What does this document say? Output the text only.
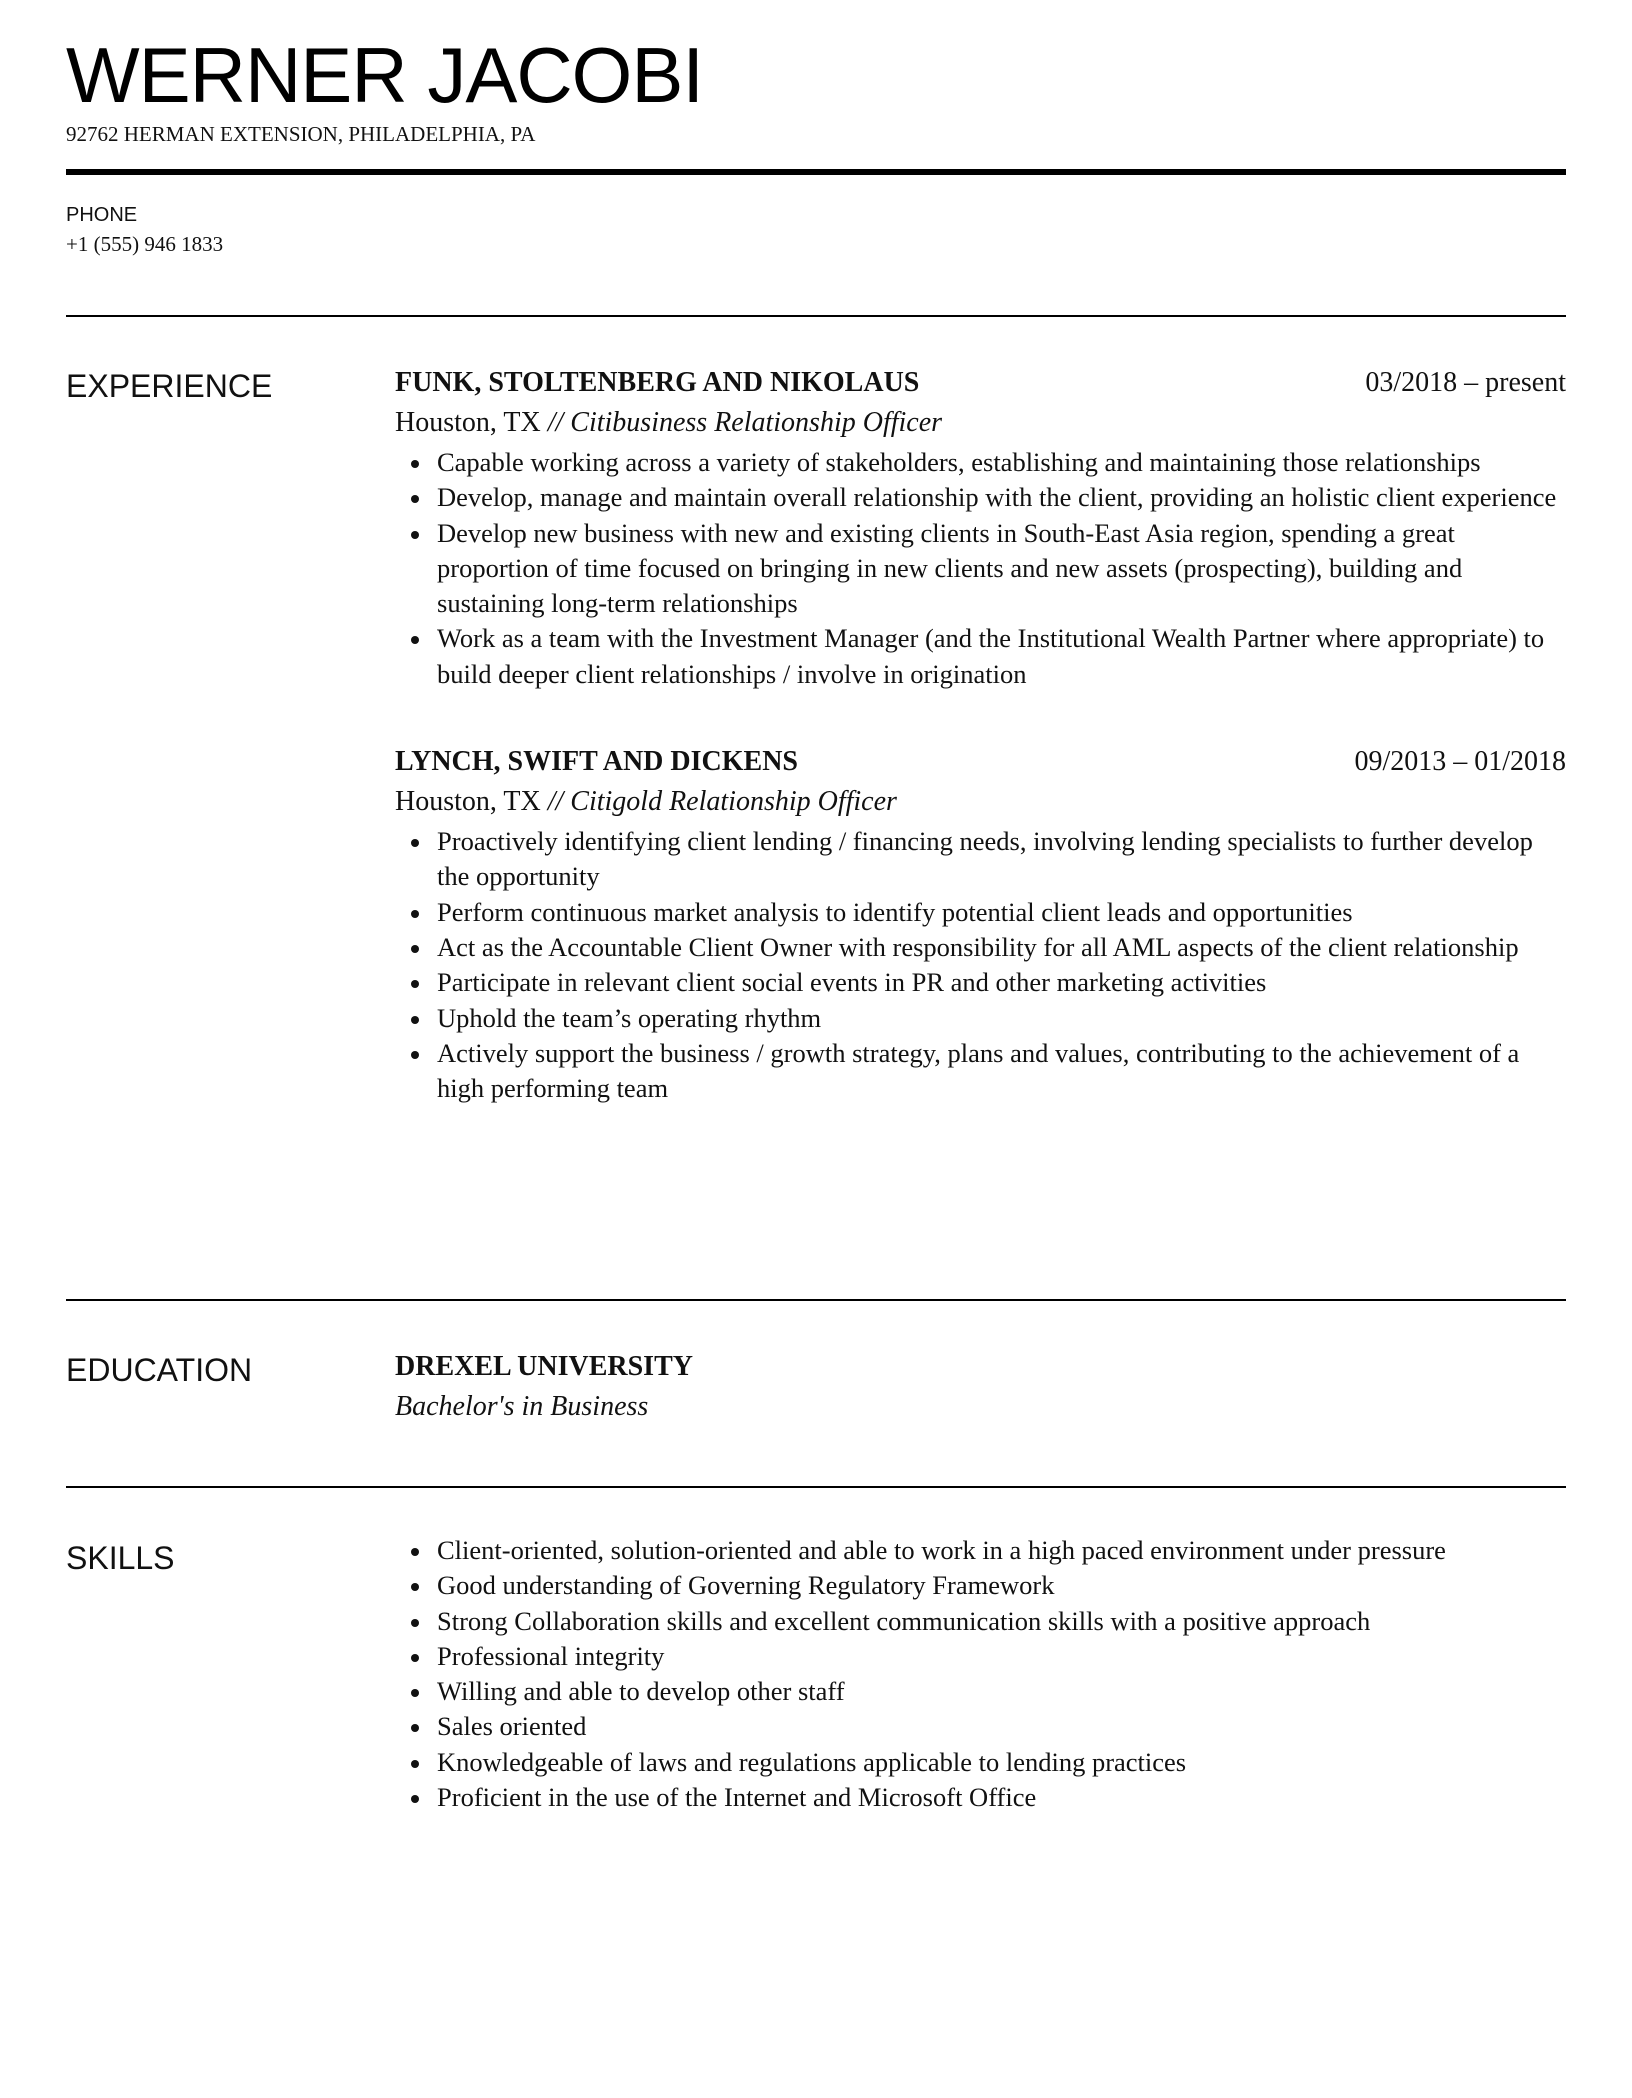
WERNER JACOBI
92762 HERMAN EXTENSION, PHILADELPHIA, PA
PHONE
+1 (555) 946 1833
EXPERIENCE	FUNK, STOLTENBERG AND NIKOLAUS	03/2018 – present
Houston, TX // Citibusiness Relationship Officer
Capable working across a variety of stakeholders, establishing and maintaining those relationships
Develop, manage and maintain overall relationship with the client, providing an holistic client experience
Develop new business with new and existing clients in South-East Asia region, spending a great proportion of time focused on bringing in new clients and new assets (prospecting), building and sustaining long-term relationships
Work as a team with the Investment Manager (and the Institutional Wealth Partner where appropriate) to build deeper client relationships / involve in origination
LYNCH, SWIFT AND DICKENS	09/2013 – 01/2018
Houston, TX // Citigold Relationship Officer
Proactively identifying client lending / financing needs, involving lending specialists to further develop the opportunity
Perform continuous market analysis to identify potential client leads and opportunities
Act as the Accountable Client Owner with responsibility for all AML aspects of the client relationship
Participate in relevant client social events in PR and other marketing activities
Uphold the team’s operating rhythm
Actively support the business / growth strategy, plans and values, contributing to the achievement of a high performing team
EDUCATION	DREXEL UNIVERSITY
Bachelor's in Business
SKILLS	Client-oriented, solution-oriented and able to work in a high paced environment under pressure
Good understanding of Governing Regulatory Framework
Strong Collaboration skills and excellent communication skills with a positive approach
Professional integrity
Willing and able to develop other staff
Sales oriented
Knowledgeable of laws and regulations applicable to lending practices
Proficient in the use of the Internet and Microsoft Office
